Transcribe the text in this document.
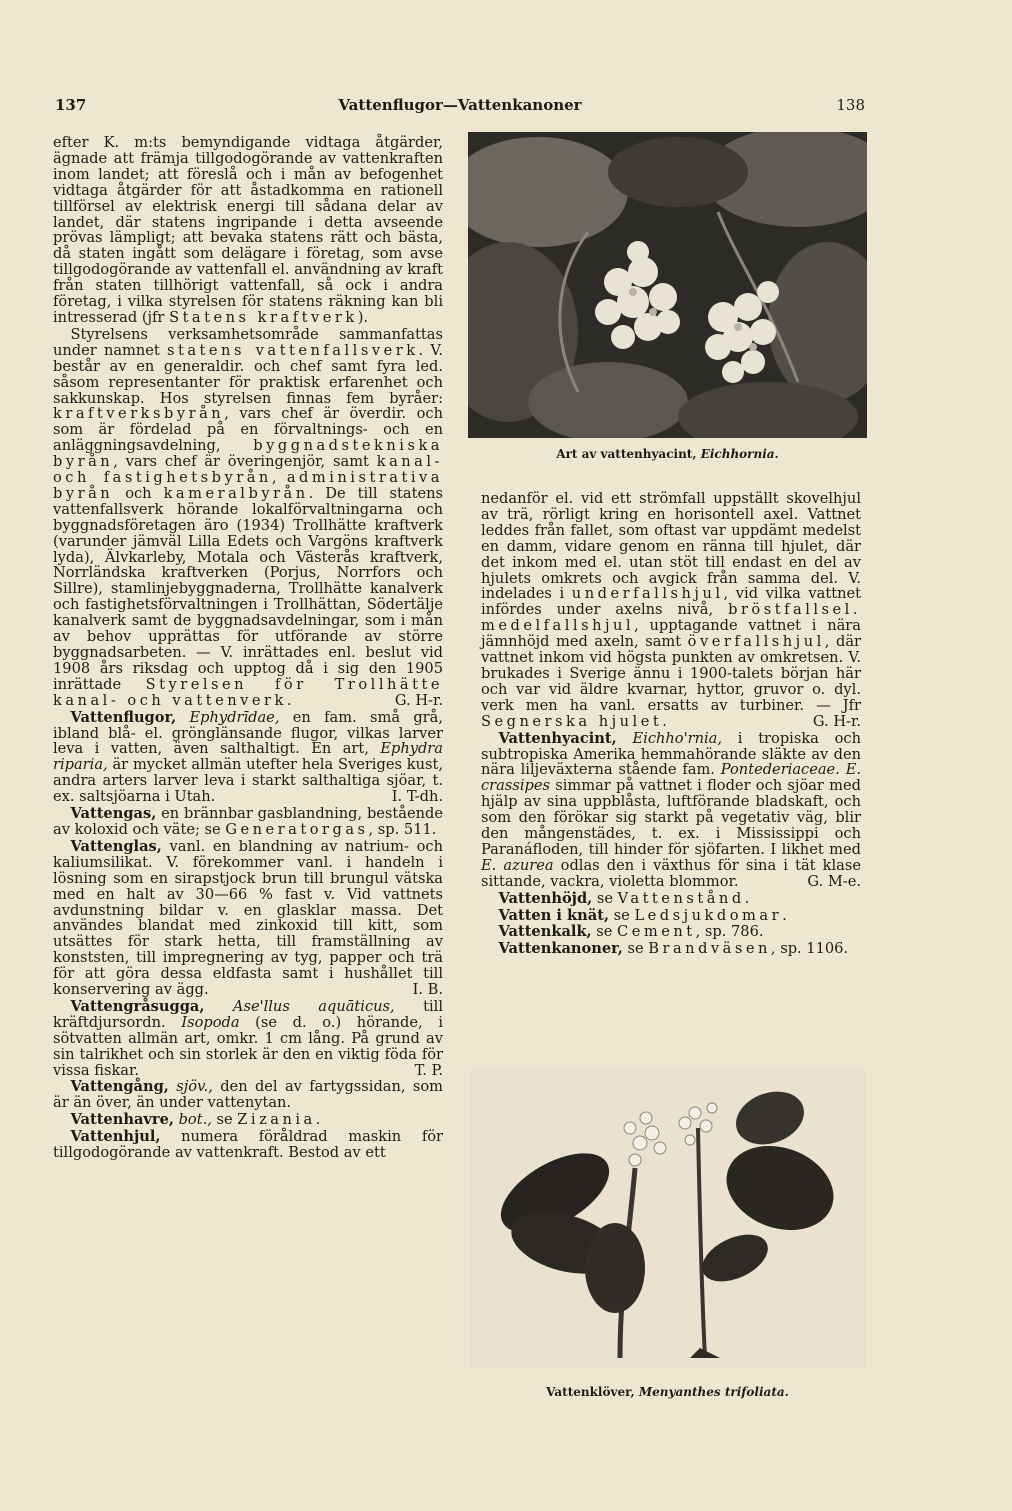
137	Vattenflugor—Vattenkanoner	138

efter K. m:ts bemyndigande vidtaga åtgärder, ägnade att främja tillgodogörande av vattenkraften inom landet; att föreslå och i mån av befogenhet vidtaga åtgärder för att åstadkomma en rationell tillförsel av elektrisk energi till sådana delar av landet, där statens ingripande i detta avseende prövas lämpligt; att bevaka statens rätt och bästa, då staten ingått som delägare i företag, som avse tillgodogörande av vattenfall el. användning av kraft från staten tillhörigt vattenfall, så ock i andra företag, i vilka styrelsen för statens räkning kan bli intresserad (jfr Statens kraftverk).

Styrelsens verksamhetsområde sammanfattas under namnet statens vattenfallsverk. V. består av en generaldir. och chef samt fyra led. såsom representanter för praktisk erfarenhet och sakkunskap. Hos styrelsen finnas fem byråer: kraftverksbyrån, vars chef är överdir. och som är fördelad på en förvaltnings- och en anläggningsavdelning, byggnadstekniska byrån, vars chef är överingenjör, samt kanal- och fastighetsbyrån, administrativa byrån och kameralbyrån. De till statens vattenfallsverk hörande lokalförvaltningarna och byggnadsföretagen äro (1934) Trollhätte kraftverk (varunder jämväl Lilla Edets och Vargöns kraftverk lyda), Älvkarleby, Motala och Västerås kraftverk, Norrländska kraftverken (Porjus, Norrfors och Sillre), stamlinjebyggnaderna, Trollhätte kanalverk och fastighetsförvaltningen i Trollhättan, Södertälje kanalverk samt de byggnadsavdelningar, som i mån av behov upprättas för utförande av större byggnadsarbeten. — V. inrättades enl. beslut vid 1908 års riksdag och upptog då i sig den 1905 inrättade Styrelsen för Trollhätte kanal- och vattenverk.	G. H-r.

Vattenflugor, Ephydrīdae, en fam. små grå, ibland blå- el. grönglänsande flugor, vilkas larver leva i vatten, även salthaltigt. En art, Ephydra riparia, är mycket allmän utefter hela Sveriges kust, andra arters larver leva i starkt salthaltiga sjöar, t. ex. saltsjöarna i Utah.	I. T-dh.

Vattengas, en brännbar gasblandning, bestående av koloxid och väte; se Generatorgas, sp. 511.

Vattenglas, vanl. en blandning av natrium- och kaliumsilikat. V. förekommer vanl. i handeln i lösning som en sirapstjock brun till brungul vätska med en halt av 30—66 % fast v. Vid vattnets avdunstning bildar v. en glasklar massa. Det användes blandat med zinkoxid till kitt, som utsättes för stark hetta, till framställning av konststen, till impregnering av tyg, papper och trä för att göra dessa eldfasta samt i hushållet till konservering av ägg.	I. B.

Vattengråsugga, Ase'llus aquāticus, till kräftdjursordn. Isopoda (se d. o.) hörande, i sötvatten allmän art, omkr. 1 cm lång. På grund av sin talrikhet och sin storlek är den en viktig föda för vissa fiskar.	T. P.

Vattengång, sjöv., den del av fartygssidan, som är än över, än under vattenytan.

Vattenhavre, bot., se Zizania.

Vattenhjul, numera föråldrad maskin för tillgodogörande av vattenkraft. Bestod av ett

Art av vattenhyacint, Eichhornia.

nedanför el. vid ett strömfall uppställt skovelhjul av trä, rörligt kring en horisontell axel. Vattnet leddes från fallet, som oftast var uppdämt medelst en damm, vidare genom en ränna till hjulet, där det inkom med el. utan stöt till endast en del av hjulets omkrets och avgick från samma del. V. indelades i underfallshjul, vid vilka vattnet infördes under axelns nivå, bröstfallsel. medelfallshjul, upptagande vattnet i nära jämnhöjd med axeln, samt överfallshjul, där vattnet inkom vid högsta punkten av omkretsen. V. brukades i Sverige ännu i 1900-talets början här och var vid äldre kvarnar, hyttor, gruvor o. dyl. verk men ha vanl. ersatts av turbiner. — Jfr Segnerska hjulet.	G. H-r.

Vattenhyacint, Eichho'rnia, i tropiska och subtropiska Amerika hemmahörande släkte av den nära liljeväxterna stående fam. Pontederiaceae. E. crassipes simmar på vattnet i floder och sjöar med hjälp av sina uppblåsta, luftförande bladskaft, och som den förökar sig starkt på vegetativ väg, blir den mångenstädes, t. ex. i Mississippi och Paranáfloden, till hinder för sjöfarten. I likhet med E. azurea odlas den i växthus för sina i tät klase sittande, vackra, violetta blommor.	G. M-e.

Vattenhöjd, se Vattenstånd.

Vatten i knät, se Ledsjukdomar.

Vattenkalk, se Cement, sp. 786.

Vattenkanoner, se Brandväsen, sp. 1106.

Vattenklöver, Menyanthes trifoliata.
